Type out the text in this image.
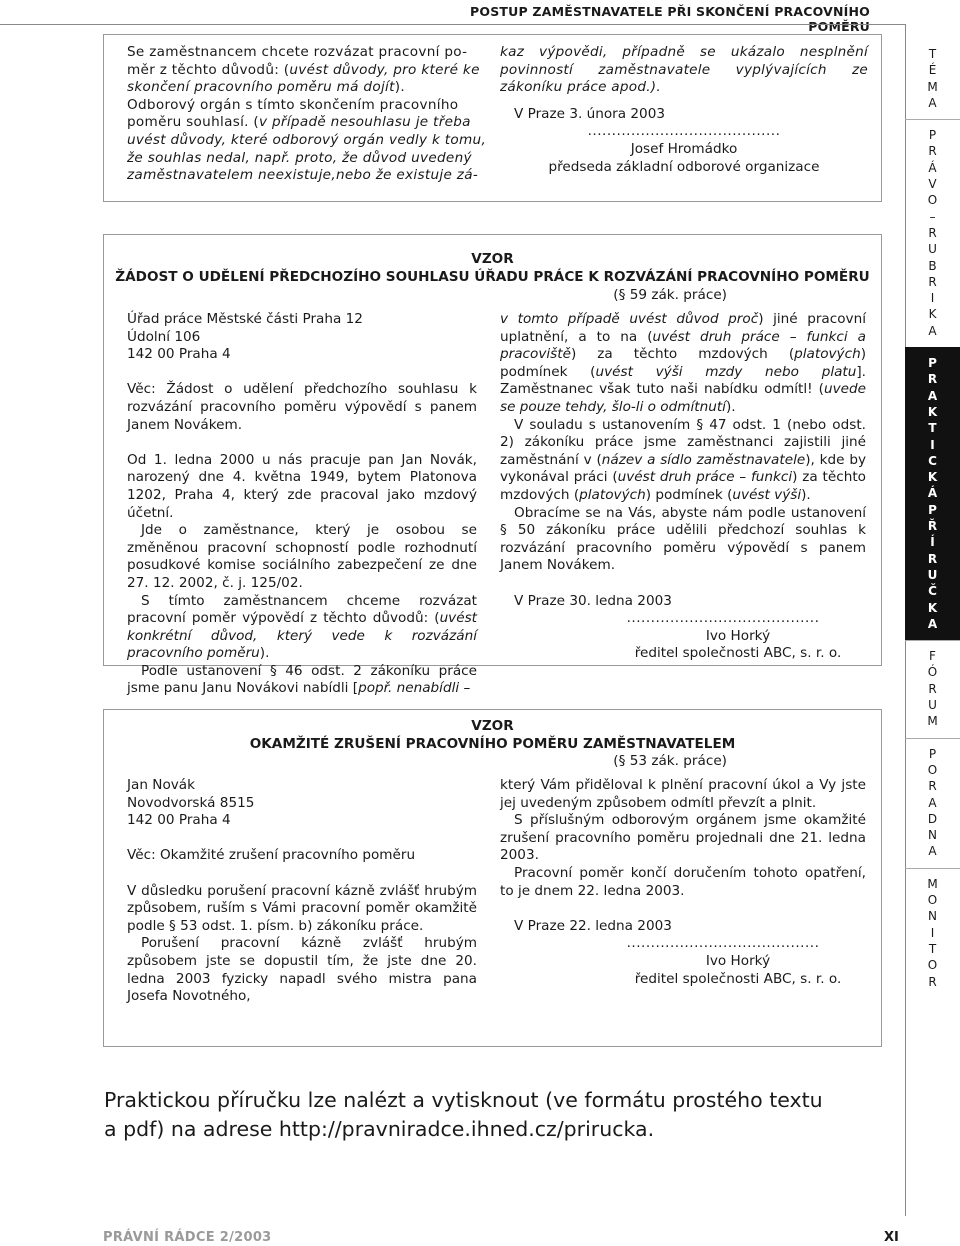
POSTUP ZAMĚSTNAVATELE PŘI SKONČENÍ PRACOVNÍHO POMĚRU

Se zaměstnancem chcete rozvázat pracovní po-

měr z těchto důvodů: (uvést důvody, pro které ke

skončení pracovního poměru má dojít).

Odborový orgán s tímto skončením pracovního

poměru souhlasí. (v případě nesouhlasu je třeba

uvést důvody, které odborový orgán vedly k tomu,

že souhlas nedal, např. proto, že důvod uvedený

zaměstnavatelem neexistuje,nebo že existuje zá-

kaz výpovědi, případně se ukázalo nesplnění povinností zaměstnavatele vyplývajících ze zákoníku práce apod.).

V Praze 3. února 2003

........................................

Josef Hromádko

předseda základní odborové organizace

VZOR
ŽÁDOST O UDĚLENÍ PŘEDCHOZÍHO SOUHLASU ÚŘADU PRÁCE K ROZVÁZÁNÍ PRACOVNÍHO POMĚRU
(§ 59 zák. práce)

Úřad práce Městské části Praha 12

Údolní 106

142 00 Praha 4

Věc: Žádost o udělení předchozího souhlasu k rozvázání pracovního poměru výpovědí s panem Janem Novákem.

Od 1. ledna 2000 u nás pracuje pan Jan Novák, narozený dne 4. května 1949, bytem Platonova 1202, Praha 4, který zde pracoval jako mzdový účetní.

Jde o zaměstnance, který je osobou se změněnou pracovní schopností podle rozhodnutí posudkové komise sociálního zabezpečení ze dne 27. 12. 2002, č. j. 125/02.

S tímto zaměstnancem chceme rozvázat pracovní poměr výpovědí z těchto důvodů: (uvést konkrétní důvod, který vede k rozvázání pracovního poměru).

Podle ustanovení § 46 odst. 2 zákoníku práce jsme panu Janu Novákovi nabídli [popř. nenabídli –

v tomto případě uvést důvod proč) jiné pracovní uplatnění, a to na (uvést druh práce – funkci a pracoviště) za těchto mzdových (platových) podmínek (uvést výši mzdy nebo platu]. Zaměstnanec však tuto naši nabídku odmítl! (uvede se pouze tehdy, šlo-li o odmítnutí).

V souladu s ustanovením § 47 odst. 1 (nebo odst. 2) zákoníku práce jsme zaměstnanci zajistili jiné zaměstnání v (název a sídlo zaměstnavatele), kde by vykonával práci (uvést druh práce – funkci) za těchto mzdových (platových) podmínek (uvést výši).

Obracíme se na Vás, abyste nám podle ustanovení § 50 zákoníku práce udělili předchozí souhlas k rozvázání pracovního poměru výpovědí s panem Janem Novákem.

V Praze 30. ledna 2003

........................................

Ivo Horký

ředitel společnosti ABC, s. r. o.

VZOR
OKAMŽITÉ ZRUŠENÍ PRACOVNÍHO POMĚRU ZAMĚSTNAVATELEM
(§ 53 zák. práce)

Jan Novák

Novodvorská 8515

142 00 Praha 4

Věc: Okamžité zrušení pracovního poměru

V důsledku porušení pracovní kázně zvlášť hrubým způsobem, ruším s Vámi pracovní poměr okamžitě podle § 53 odst. 1. písm. b) zákoníku práce.

Porušení pracovní kázně zvlášť hrubým způsobem jste se dopustil tím, že jste dne 20. ledna 2003 fyzicky napadl svého mistra pana Josefa Novotného,

který Vám přiděloval k plnění pracovní úkol a Vy jste jej uvedeným způsobem odmítl převzít a plnit.

S příslušným odborovým orgánem jsme okamžité zrušení pracovního poměru projednali dne 21. ledna 2003.

Pracovní poměr končí doručením tohoto opatření, to je dnem 22. ledna 2003.

V Praze 22. ledna 2003

........................................

Ivo Horký

ředitel společnosti ABC, s. r. o.

Praktickou příručku lze nalézt a vytisknout (ve formátu prostého textu
a pdf) na adrese http://pravniradce.ihned.cz/prirucka.
PRÁVNÍ RÁDCE 2/2003	XI
T
É
M
A
P
R
Á
V
O
–
R
U
B
R
I
K
A
P
R
A
K
T
I
C
K
Á
P
Ř
Í
R
U
Č
K
A
F
Ó
R
U
M
P
O
R
A
D
N
A
M
O
N
I
T
O
R
